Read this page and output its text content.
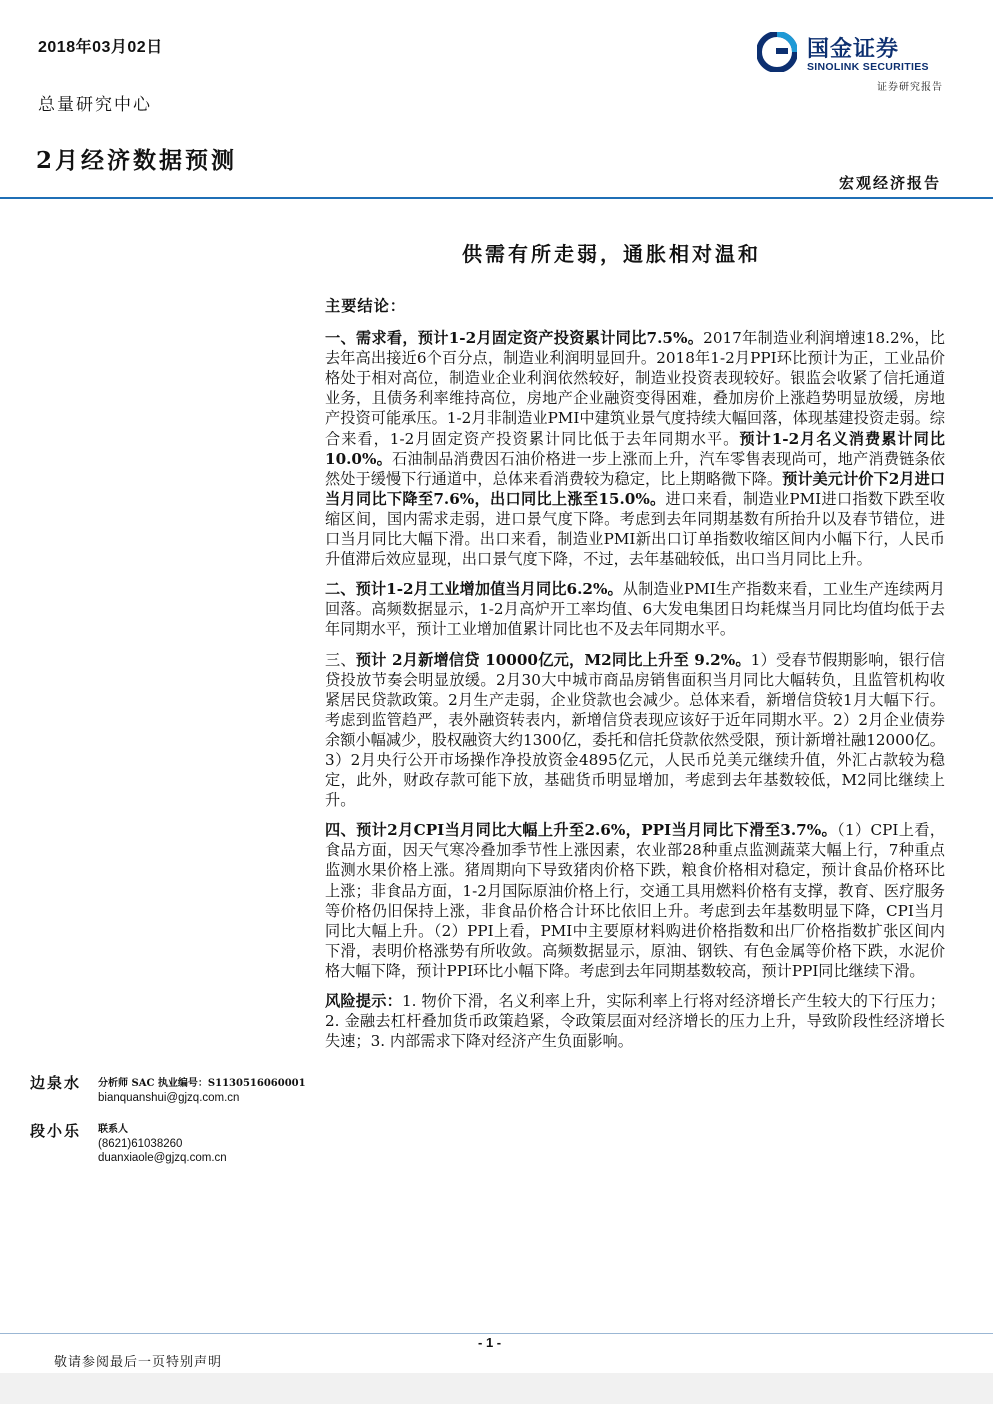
2018年03月02日
总量研究中心
2月经济数据预测
国金证券
SINOLINK SECURITIES
证券研究报告
宏观经济报告
供需有所走弱，通胀相对温和
主要结论：

一、需求看，预计1-2月固定资产投资累计同比7.5%。2017年制造业利润增速18.2%，比去年高出接近6个百分点，制造业利润明显回升。2018年1-2月PPI环比预计为正，工业品价格处于相对高位，制造业企业利润依然较好，制造业投资表现较好。银监会收紧了信托通道业务，且债务利率维持高位，房地产企业融资变得困难，叠加房价上涨趋势明显放缓，房地产投资可能承压。1-2月非制造业PMI中建筑业景气度持续大幅回落，体现基建投资走弱。综合来看，1-2月固定资产投资累计同比低于去年同期水平。预计1-2月名义消费累计同比10.0%。石油制品消费因石油价格进一步上涨而上升，汽车零售表现尚可，地产消费链条依然处于缓慢下行通道中，总体来看消费较为稳定，比上期略微下降。预计美元计价下2月进口当月同比下降至7.6%，出口同比上涨至15.0%。进口来看，制造业PMI进口指数下跌至收缩区间，国内需求走弱，进口景气度下降。考虑到去年同期基数有所抬升以及春节错位，进口当月同比大幅下滑。出口来看，制造业PMI新出口订单指数收缩区间内小幅下行，人民币升值滞后效应显现，出口景气度下降，不过，去年基础较低，出口当月同比上升。

二、预计1-2月工业增加值当月同比6.2%。从制造业PMI生产指数来看，工业生产连续两月回落。高频数据显示，1-2月高炉开工率均值、6大发电集团日均耗煤当月同比均值均低于去年同期水平，预计工业增加值累计同比也不及去年同期水平。

三、预计 2月新增信贷 10000亿元，M2同比上升至 9.2%。1）受春节假期影响，银行信贷投放节奏会明显放缓。2月30大中城市商品房销售面积当月同比大幅转负，且监管机构收紧居民贷款政策。2月生产走弱，企业贷款也会减少。总体来看，新增信贷较1月大幅下行。考虑到监管趋严，表外融资转表内，新增信贷表现应该好于近年同期水平。2）2月企业债券余额小幅减少，股权融资大约1300亿，委托和信托贷款依然受限，预计新增社融12000亿。3）2月央行公开市场操作净投放资金4895亿元，人民币兑美元继续升值，外汇占款较为稳定，此外，财政存款可能下放，基础货币明显增加，考虑到去年基数较低，M2同比继续上升。

四、预计2月CPI当月同比大幅上升至2.6%，PPI当月同比下滑至3.7%。（1）CPI上看，食品方面，因天气寒冷叠加季节性上涨因素，农业部28种重点监测蔬菜大幅上行，7种重点监测水果价格上涨。猪周期向下导致猪肉价格下跌，粮食价格相对稳定，预计食品价格环比上涨；非食品方面，1-2月国际原油价格上行，交通工具用燃料价格有支撑，教育、医疗服务等价格仍旧保持上涨，非食品价格合计环比依旧上升。考虑到去年基数明显下降，CPI当月同比大幅上升。（2）PPI上看，PMI中主要原材料购进价格指数和出厂价格指数扩张区间内下滑，表明价格涨势有所收敛。高频数据显示，原油、钢铁、有色金属等价格下跌，水泥价格大幅下降，预计PPI环比小幅下降。考虑到去年同期基数较高，预计PPI同比继续下滑。

风险提示：1. 物价下滑，名义利率上升，实际利率上行将对经济增长产生较大的下行压力；2. 金融去杠杆叠加货币政策趋紧，令政策层面对经济增长的压力上升，导致阶段性经济增长失速；3. 内部需求下降对经济产生负面影响。

边泉水 分析师 SAC 执业编号：S1130516060001
bianquanshui@gjzq.com.cn
段小乐 联系人
(8621)61038260
duanxiaole@gjzq.com.cn
- 1 -
敬请参阅最后一页特别声明
